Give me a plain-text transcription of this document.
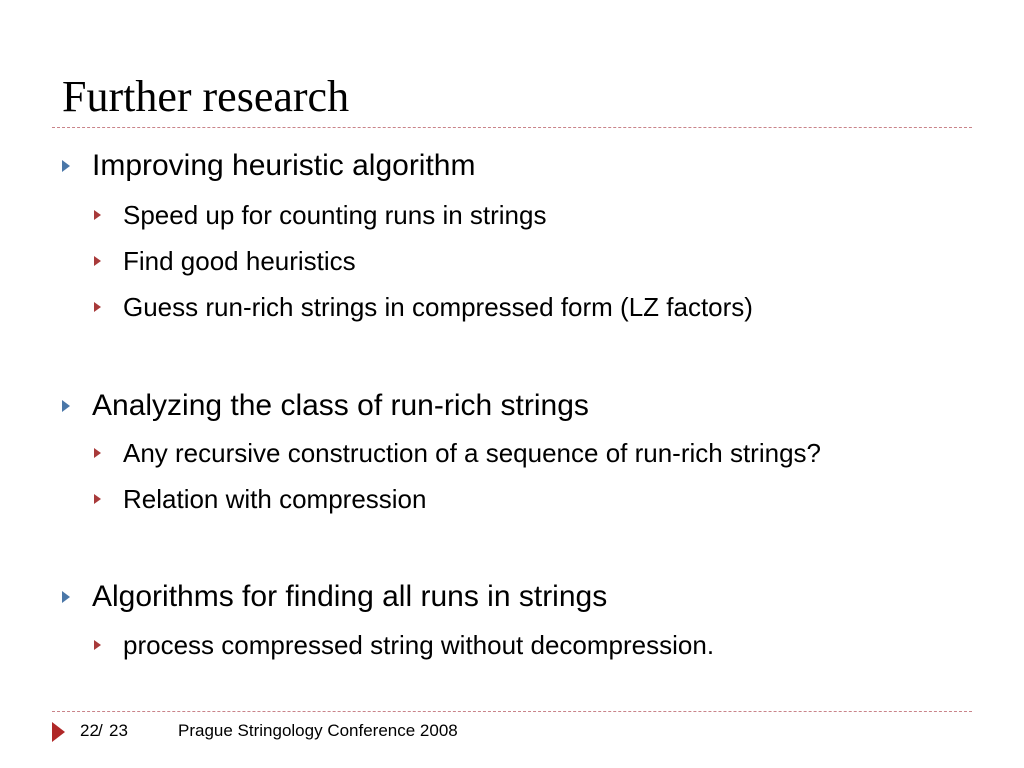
Further research
Improving heuristic algorithm
Speed up for counting runs in strings
Find good heuristics
Guess run-rich strings in compressed form (LZ factors)
Analyzing the class of run-rich strings
Any recursive construction of a sequence of run-rich strings?
Relation with compression
Algorithms for finding all runs in strings
process compressed string without decompression.
22 / 23	Prague Stringology Conference 2008
